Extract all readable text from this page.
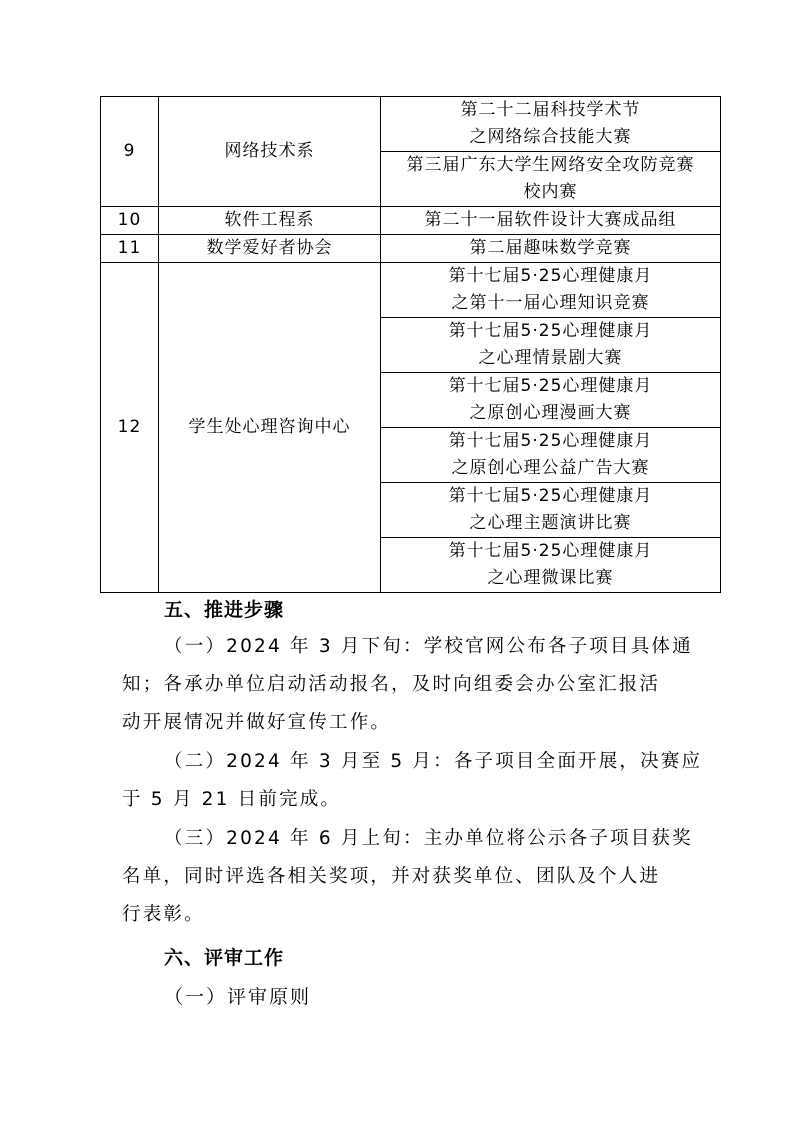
9	网络技术系	第二十二届科技学术节
之网络综合技能大赛

		第三届广东大学生网络安全攻防竞赛
校内赛

10	软件工程系	第二十一届软件设计大赛成品组

11	数学爱好者协会	第二届趣味数学竞赛

12	学生处心理咨询中心	第十七届5·25心理健康月
之第十一届心理知识竞赛

		第十七届5·25心理健康月
之心理情景剧大赛

		第十七届5·25心理健康月
之原创心理漫画大赛

		第十七届5·25心理健康月
之原创心理公益广告大赛

		第十七届5·25心理健康月
之心理主题演讲比赛

		第十七届5·25心理健康月
之心理微课比赛
五、推进步骤
（一）2024 年 3 月下旬：学校官网公布各子项目具体通
知；各承办单位启动活动报名，及时向组委会办公室汇报活
动开展情况并做好宣传工作。
（二）2024 年 3 月至 5 月：各子项目全面开展，决赛应
于 5 月 21 日前完成。
（三）2024 年 6 月上旬：主办单位将公示各子项目获奖
名单，同时评选各相关奖项，并对获奖单位、团队及个人进
行表彰。
六、评审工作
（一）评审原则
